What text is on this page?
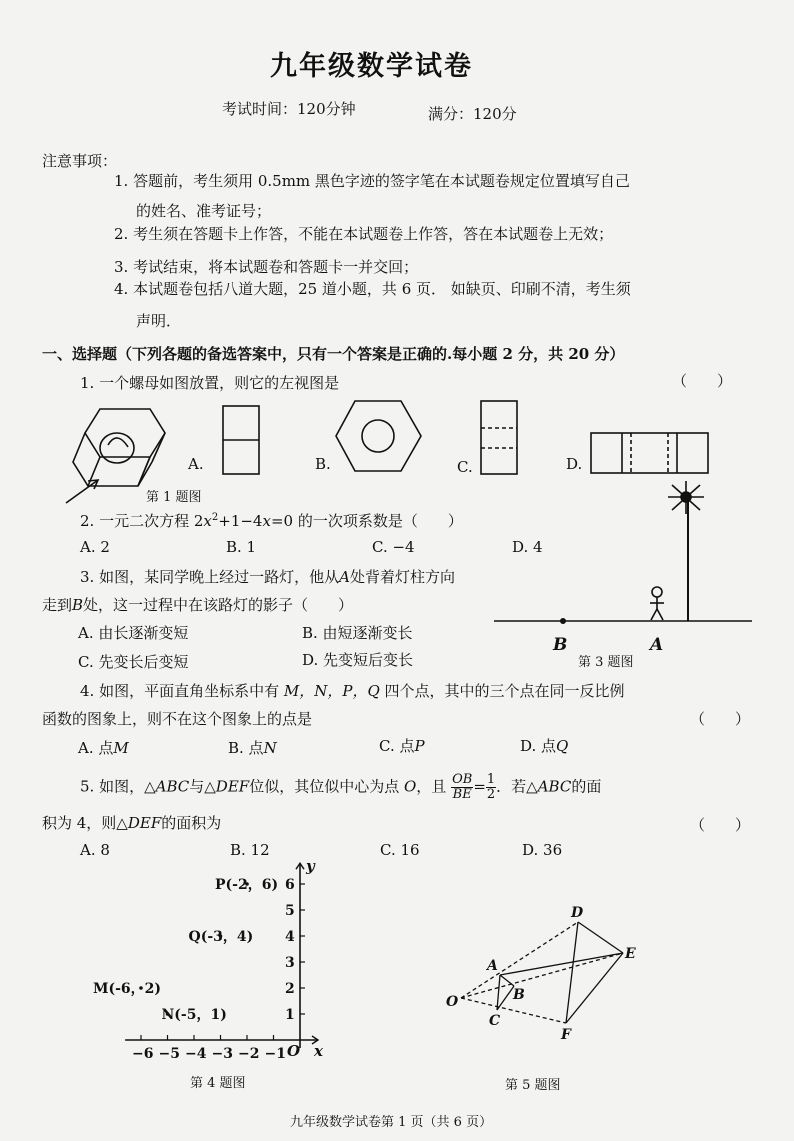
九年级数学试卷
考试时间：120分钟	满分：120分
注意事项：
1. 答题前，考生须用 0.5mm 黑色字迹的签字笔在本试题卷规定位置填写自己
的姓名、准考证号；
2. 考生须在答题卡上作答，不能在本试题卷上作答，答在本试题卷上无效；
3. 考试结束，将本试题卷和答题卡一并交回；
4. 本试题卷包括八道大题，25 道小题，共 6 页． 如缺页、印刷不清，考生须
声明．
一、选择题（下列各题的备选答案中，只有一个答案是正确的.每小题 2 分，共 20 分）
1. 一个螺母如图放置，则它的左视图是	（　　）
A.	B.	C.	D.
第 1 题图
2. 一元二次方程 $2x^2+1-4x=0$ 的一次项系数是（　　）
A. 2	B. 1	C. −4	D. 4
3. 如图，某同学晚上经过一路灯，他从A处背着灯柱方向
走到B处，这一过程中在该路灯的影子（　　）
A. 由长逐渐变短	B. 由短逐渐变长
C. 先变长后变短	D. 先变短后变长
B	A
第 3 题图
4. 如图，平面直角坐标系中有 M，N，P，Q 四个点，其中的三个点在同一反比例
函数的图象上，则不在这个图象上的点是	（　　）
A. 点M	B. 点N	C. 点P	D. 点Q
5. 如图，△ABC与△DEF位似，其位似中心为点 O，且 $\frac{OB}{BE} = \frac{1}{2}$ ．若△ABC的面
积为 4，则△DEF的面积为	（　　）
A. 8	B. 12	C. 16	D. 36
−6 −5 −4 −3 −2 −1
1
2
3
4
5
6
O x
y
P(-2，6)
Q(-3，4)
M(-6，2)
N(-5，1)
第 4 题图
O
A
B
C
D
E
F
第 5 题图
九年级数学试卷第 1 页（共 6 页）
